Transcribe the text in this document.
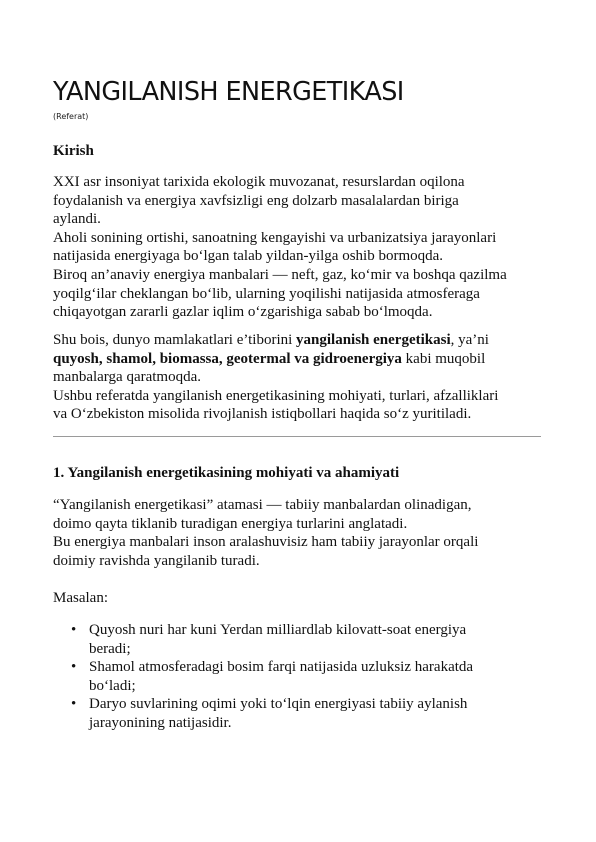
YANGILANISH ENERGETIKASI
(Referat)
Kirish
XXI asr insoniyat tarixida ekologik muvozanat, resurslardan oqilona
foydalanish va energiya xavfsizligi eng dolzarb masalalardan biriga
aylandi.
Aholi sonining ortishi, sanoatning kengayishi va urbanizatsiya jarayonlari
natijasida energiyaga bo‘lgan talab yildan-yilga oshib bormoqda.
Biroq an’anaviy energiya manbalari — neft, gaz, ko‘mir va boshqa qazilma
yoqilg‘ilar cheklangan bo‘lib, ularning yoqilishi natijasida atmosferaga
chiqayotgan zararli gazlar iqlim o‘zgarishiga sabab bo‘lmoqda.
Shu bois, dunyo mamlakatlari e’tiborini yangilanish energetikasi, ya’ni
quyosh, shamol, biomassa, geotermal va gidroenergiya kabi muqobil
manbalarga qaratmoqda.
Ushbu referatda yangilanish energetikasining mohiyati, turlari, afzalliklari
va O‘zbekiston misolida rivojlanish istiqbollari haqida so‘z yuritiladi.
1. Yangilanish energetikasining mohiyati va ahamiyati
“Yangilanish energetikasi” atamasi — tabiiy manbalardan olinadigan,
doimo qayta tiklanib turadigan energiya turlarini anglatadi.
Bu energiya manbalari inson aralashuvisiz ham tabiiy jarayonlar orqali
doimiy ravishda yangilanib turadi.
Masalan:
• Quyosh nuri har kuni Yerdan milliardlab kilovatt-soat energiya
beradi;
• Shamol atmosferadagi bosim farqi natijasida uzluksiz harakatda
bo‘ladi;
• Daryo suvlarining oqimi yoki to‘lqin energiyasi tabiiy aylanish
jarayonining natijasidir.
